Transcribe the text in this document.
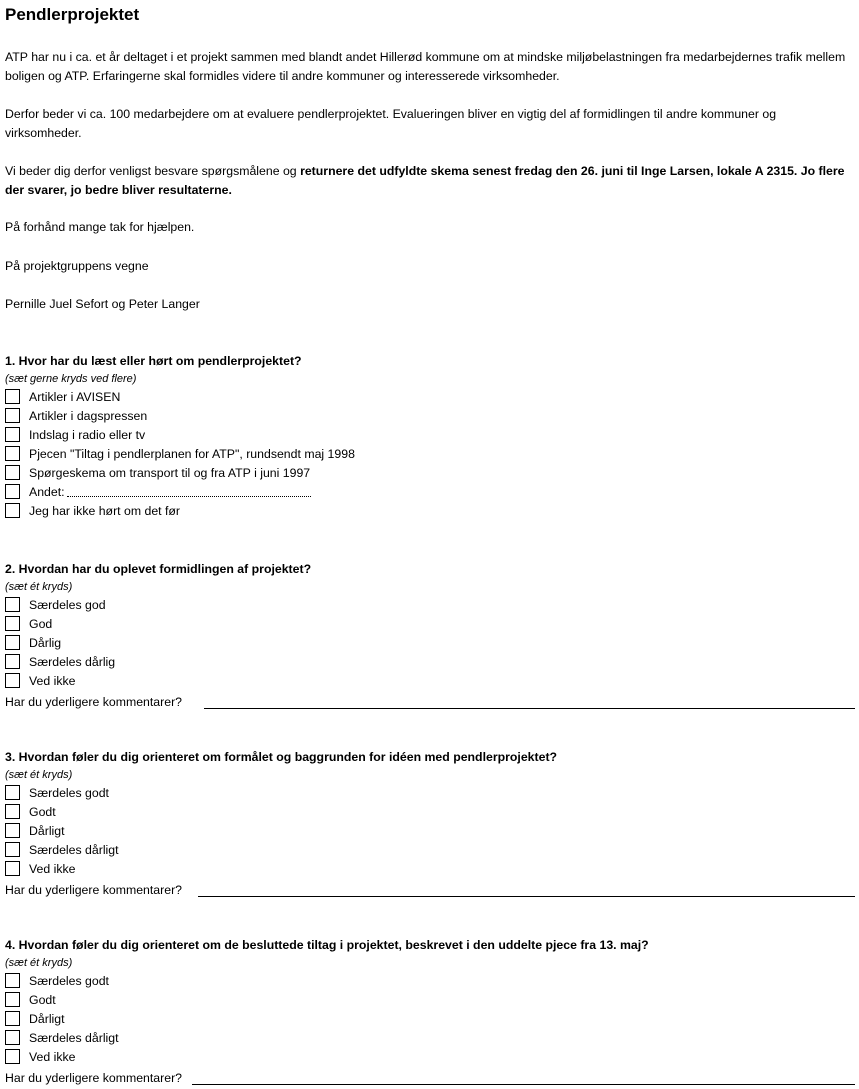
Pendlerprojektet
ATP har nu i ca. et år deltaget i et projekt sammen med blandt andet Hillerød kommune om at mindske miljøbelastningen fra medarbejdernes trafik mellem boligen og ATP. Erfaringerne skal formidles videre til andre kommuner og interesserede virksomheder.
Derfor beder vi ca. 100 medarbejdere om at evaluere pendlerprojektet. Evalueringen bliver en vigtig del af formidlingen til andre kommuner og virksomheder.
Vi beder dig derfor venligst besvare spørgsmålene og returnere det udfyldte skema senest fredag den 26. juni til Inge Larsen, lokale A 2315. Jo flere der svarer, jo bedre bliver resultaterne.
På forhånd mange tak for hjælpen.
På projektgruppens vegne
Pernille Juel Sefort og Peter Langer
1. Hvor har du læst eller hørt om pendlerprojektet?
(sæt gerne kryds ved flere)
Artikler i AVISEN
Artikler i dagspressen
Indslag i radio eller tv
Pjecen "Tiltag i pendlerplanen for ATP", rundsendt maj 1998
Spørgeskema om transport til og fra ATP i juni 1997
Andet:
Jeg har ikke hørt om det før
2. Hvordan har du oplevet formidlingen af projektet?
(sæt ét kryds)
Særdeles god
God
Dårlig
Særdeles dårlig
Ved ikke
Har du yderligere kommentarer?
3. Hvordan føler du dig orienteret om formålet og baggrunden for idéen med pendlerprojektet?
(sæt ét kryds)
Særdeles godt
Godt
Dårligt
Særdeles dårligt
Ved ikke
Har du yderligere kommentarer?
4. Hvordan føler du dig orienteret om de besluttede tiltag i projektet, beskrevet i den uddelte pjece fra 13. maj?
(sæt ét kryds)
Særdeles godt
Godt
Dårligt
Særdeles dårligt
Ved ikke
Har du yderligere kommentarer?
